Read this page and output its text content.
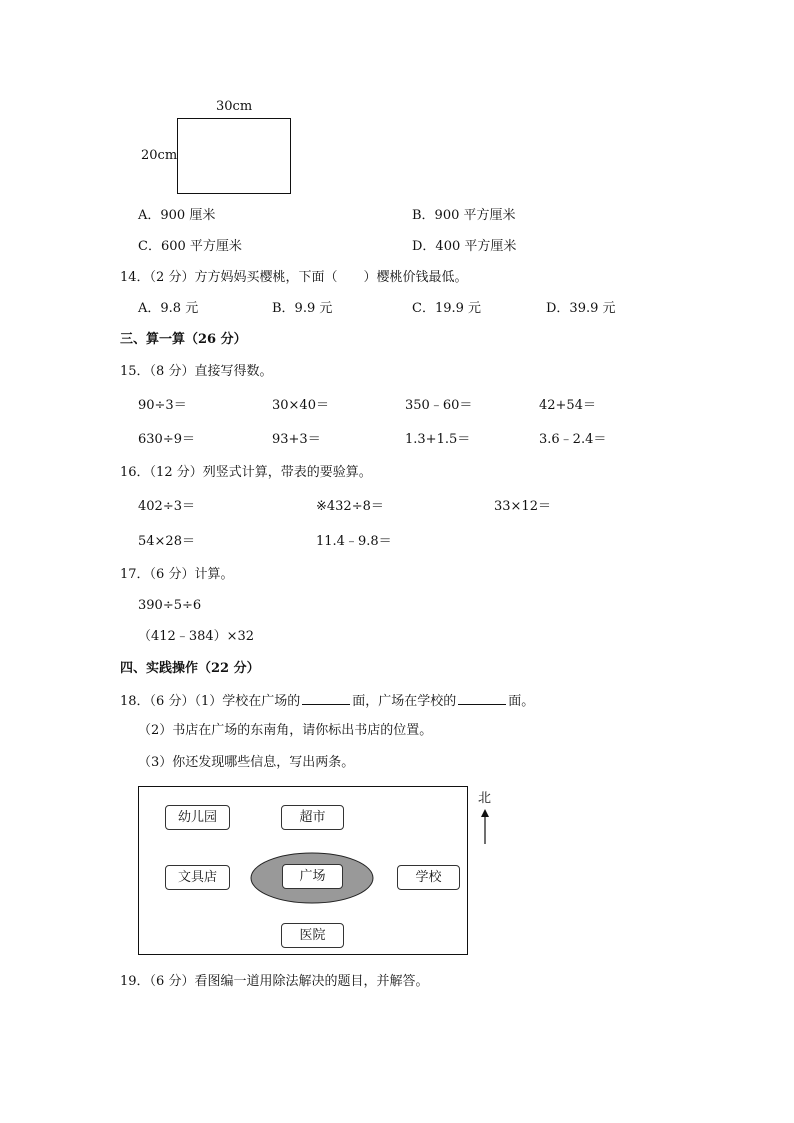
30cm
20cm
A．900 厘米	B．900 平方厘米
C．600 平方厘米	D．400 平方厘米
14．（2 分）方方妈妈买樱桃，下面（　　）樱桃价钱最低。
A．9.8 元	B．9.9 元	C．19.9 元	D．39.9 元
三、算一算（26 分）
15．（8 分）直接写得数。
90÷3＝	30×40＝	350﹣60＝	42+54＝
630÷9＝	93+3＝	1.3+1.5＝	3.6﹣2.4＝
16．（12 分）列竖式计算，带表的要验算。
402÷3＝	※432÷8＝	33×12＝
54×28＝	11.4﹣9.8＝
17．（6 分）计算。
390÷5÷6
（412﹣384）×32
四、实践操作（22 分）
18．（6 分）（1）学校在广场的	面，广场在学校的	面。
（2）书店在广场的东南角，请你标出书店的位置。
（3）你还发现哪些信息，写出两条。
幼儿园	超市
文具店	广场	学校
医院
北
19．（6 分）看图编一道用除法解决的题目，并解答。
